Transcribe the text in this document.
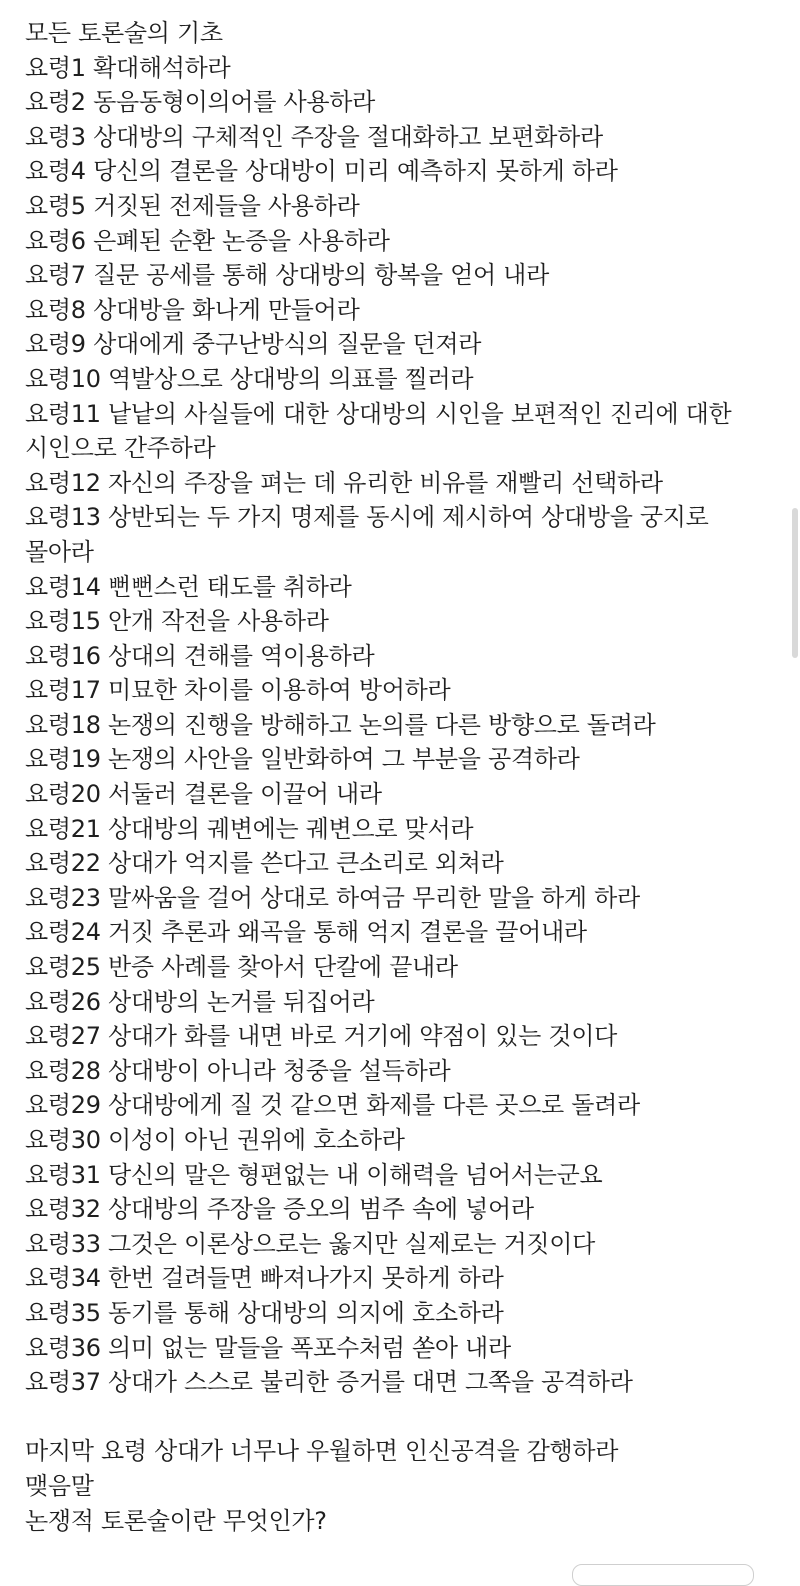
모든 토론술의 기초

요령1 확대해석하라

요령2 동음동형이의어를 사용하라

요령3 상대방의 구체적인 주장을 절대화하고 보편화하라

요령4 당신의 결론을 상대방이 미리 예측하지 못하게 하라

요령5 거짓된 전제들을 사용하라

요령6 은폐된 순환 논증을 사용하라

요령7 질문 공세를 통해 상대방의 항복을 얻어 내라

요령8 상대방을 화나게 만들어라

요령9 상대에게 중구난방식의 질문을 던져라

요령10 역발상으로 상대방의 의표를 찔러라

요령11 낱낱의 사실들에 대한 상대방의 시인을 보편적인 진리에 대한 시인으로 간주하라

요령12 자신의 주장을 펴는 데 유리한 비유를 재빨리 선택하라

요령13 상반되는 두 가지 명제를 동시에 제시하여 상대방을 궁지로 몰아라

요령14 뻔뻔스런 태도를 취하라

요령15 안개 작전을 사용하라

요령16 상대의 견해를 역이용하라

요령17 미묘한 차이를 이용하여 방어하라

요령18 논쟁의 진행을 방해하고 논의를 다른 방향으로 돌려라

요령19 논쟁의 사안을 일반화하여 그 부분을 공격하라

요령20 서둘러 결론을 이끌어 내라

요령21 상대방의 궤변에는 궤변으로 맞서라

요령22 상대가 억지를 쓴다고 큰소리로 외쳐라

요령23 말싸움을 걸어 상대로 하여금 무리한 말을 하게 하라

요령24 거짓 추론과 왜곡을 통해 억지 결론을 끌어내라

요령25 반증 사례를 찾아서 단칼에 끝내라

요령26 상대방의 논거를 뒤집어라

요령27 상대가 화를 내면 바로 거기에 약점이 있는 것이다

요령28 상대방이 아니라 청중을 설득하라

요령29 상대방에게 질 것 같으면 화제를 다른 곳으로 돌려라

요령30 이성이 아닌 권위에 호소하라

요령31 당신의 말은 형편없는 내 이해력을 넘어서는군요

요령32 상대방의 주장을 증오의 범주 속에 넣어라

요령33 그것은 이론상으로는 옳지만 실제로는 거짓이다

요령34 한번 걸려들면 빠져나가지 못하게 하라

요령35 동기를 통해 상대방의 의지에 호소하라

요령36 의미 없는 말들을 폭포수처럼 쏟아 내라

요령37 상대가 스스로 불리한 증거를 대면 그쪽을 공격하라

마지막 요령 상대가 너무나 우월하면 인신공격을 감행하라

맺음말

논쟁적 토론술이란 무엇인가?
